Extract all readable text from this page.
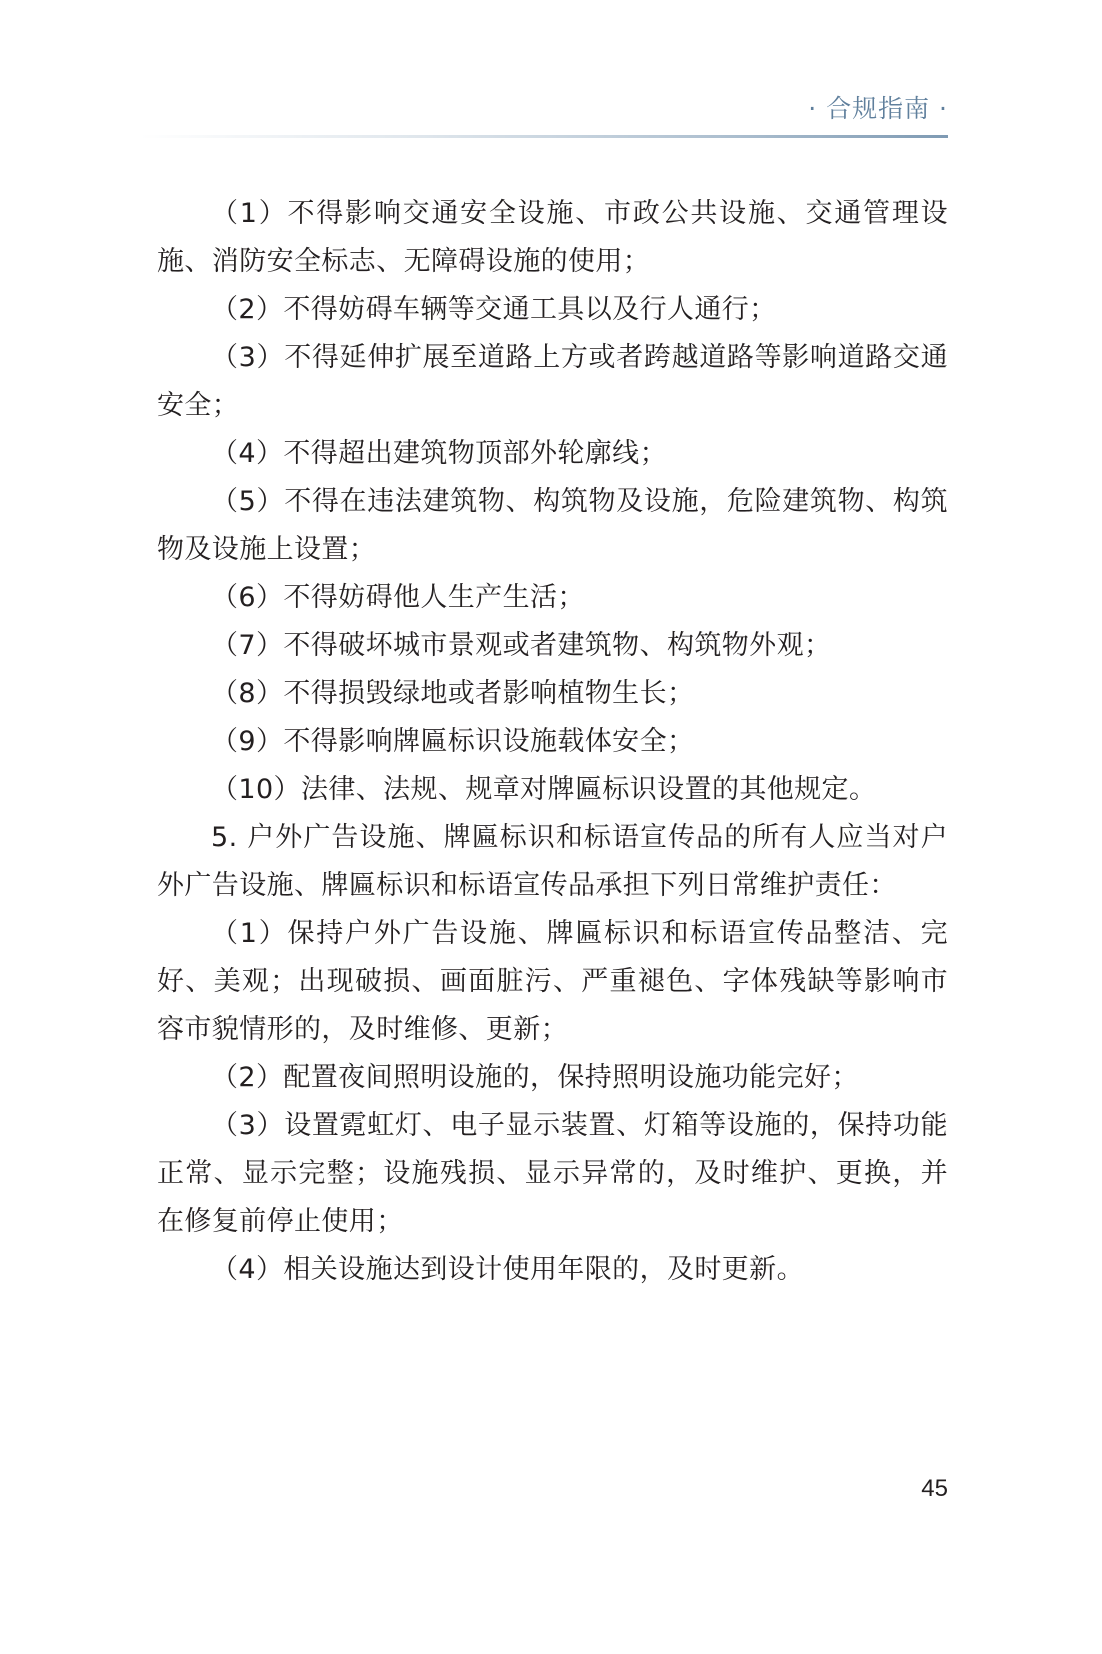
· 合规指南 ·

（1）不得影响交通安全设施、市政公共设施、交通管理设施、消防安全标志、无障碍设施的使用；

（2）不得妨碍车辆等交通工具以及行人通行；

（3）不得延伸扩展至道路上方或者跨越道路等影响道路交通安全；

（4）不得超出建筑物顶部外轮廓线；

（5）不得在违法建筑物、构筑物及设施，危险建筑物、构筑物及设施上设置；

（6）不得妨碍他人生产生活；

（7）不得破坏城市景观或者建筑物、构筑物外观；

（8）不得损毁绿地或者影响植物生长；

（9）不得影响牌匾标识设施载体安全；

（10）法律、法规、规章对牌匾标识设置的其他规定。

5. 户外广告设施、牌匾标识和标语宣传品的所有人应当对户外广告设施、牌匾标识和标语宣传品承担下列日常维护责任：

（1）保持户外广告设施、牌匾标识和标语宣传品整洁、完好、美观；出现破损、画面脏污、严重褪色、字体残缺等影响市容市貌情形的，及时维修、更新；

（2）配置夜间照明设施的，保持照明设施功能完好；

（3）设置霓虹灯、电子显示装置、灯箱等设施的，保持功能正常、显示完整；设施残损、显示异常的，及时维护、更换，并在修复前停止使用；

（4）相关设施达到设计使用年限的，及时更新。

45
